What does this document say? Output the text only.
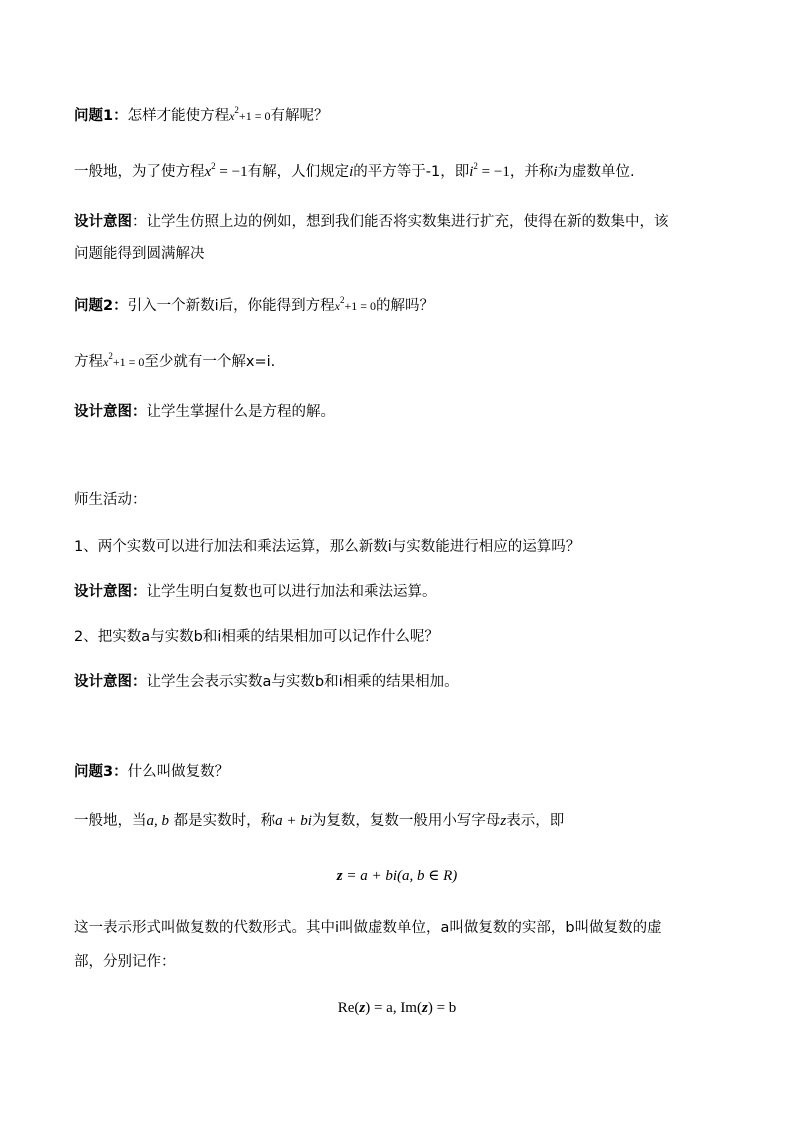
问题1：怎样才能使方程$x^2+1 = 0$有解呢？
一般地，为了使方程$x^2 = -1$有解，人们规定i的平方等于-1，即$i^2 = -1$，并称i为虚数单位.
设计意图：让学生仿照上边的例如，想到我们能否将实数集进行扩充，使得在新的数集中，该
问题能得到圆满解决
问题2：引入一个新数i后，你能得到方程$x^2+1 = 0$的解吗？
方程$x^2+1 = 0$至少就有一个解x=i.
设计意图：让学生掌握什么是方程的解。
师生活动：
1、两个实数可以进行加法和乘法运算，那么新数i与实数能进行相应的运算吗？
设计意图：让学生明白复数也可以进行加法和乘法运算。
2、把实数a与实数b和i相乘的结果相加可以记作什么呢？
设计意图：让学生会表示实数a与实数b和i相乘的结果相加。
问题3：什么叫做复数？
一般地，当a, b 都是实数时，称a + bi为复数，复数一般用小写字母z表示，即
z = a + bi(a, b ∈ R)
这一表示形式叫做复数的代数形式。其中i叫做虚数单位，a叫做复数的实部，b叫做复数的虚
部，分别记作：
Re(z) = a, Im(z) = b
